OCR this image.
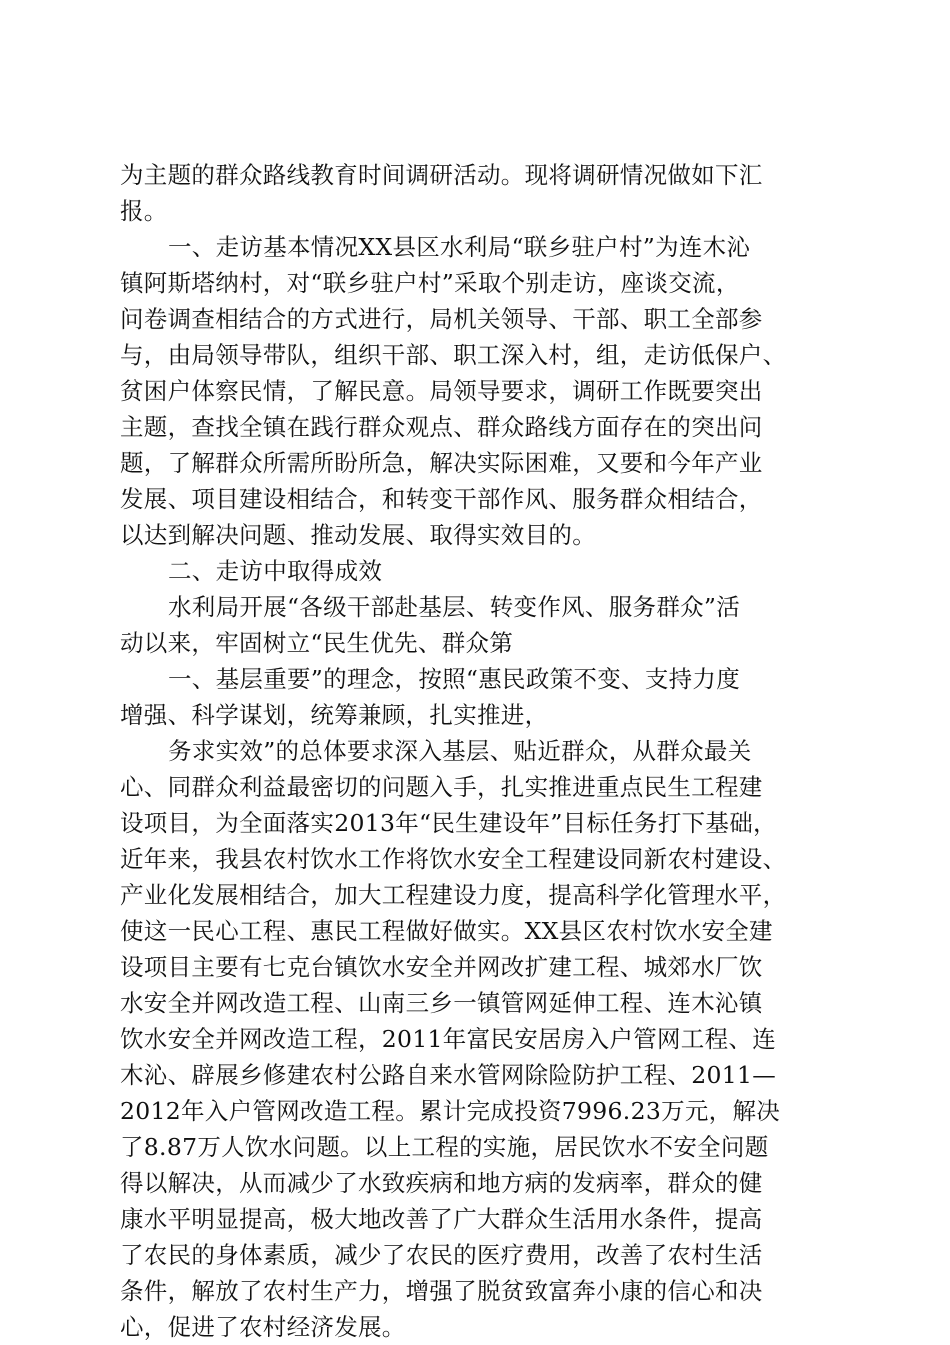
为主题的群众路线教育时间调研活动。现将调研情况做如下汇

报。

一、走访基本情况XX县区水利局“联乡驻户村”为连木沁

镇阿斯塔纳村，对“联乡驻户村”采取个别走访，座谈交流，

问卷调查相结合的方式进行，局机关领导、干部、职工全部参

与，由局领导带队，组织干部、职工深入村，组，走访低保户、

贫困户体察民情，了解民意。局领导要求，调研工作既要突出

主题，查找全镇在践行群众观点、群众路线方面存在的突出问

题，了解群众所需所盼所急，解决实际困难，又要和今年产业

发展、项目建设相结合，和转变干部作风、服务群众相结合，

以达到解决问题、推动发展、取得实效目的。

二、走访中取得成效

水利局开展“各级干部赴基层、转变作风、服务群众”活

动以来，牢固树立“民生优先、群众第

一、基层重要”的理念，按照“惠民政策不变、支持力度

增强、科学谋划，统筹兼顾，扎实推进，

务求实效”的总体要求深入基层、贴近群众，从群众最关

心、同群众利益最密切的问题入手，扎实推进重点民生工程建

设项目，为全面落实2013年“民生建设年”目标任务打下基础，

近年来，我县农村饮水工作将饮水安全工程建设同新农村建设、

产业化发展相结合，加大工程建设力度，提高科学化管理水平，

使这一民心工程、惠民工程做好做实。XX县区农村饮水安全建

设项目主要有七克台镇饮水安全并网改扩建工程、城郊水厂饮

水安全并网改造工程、山南三乡一镇管网延伸工程、连木沁镇

饮水安全并网改造工程，2011年富民安居房入户管网工程、连

木沁、辟展乡修建农村公路自来水管网除险防护工程、2011—

2012年入户管网改造工程。累计完成投资7996.23万元，解决

了8.87万人饮水问题。以上工程的实施，居民饮水不安全问题

得以解决，从而减少了水致疾病和地方病的发病率，群众的健

康水平明显提高，极大地改善了广大群众生活用水条件，提高

了农民的身体素质，减少了农民的医疗费用，改善了农村生活

条件，解放了农村生产力，增强了脱贫致富奔小康的信心和决

心，促进了农村经济发展。
